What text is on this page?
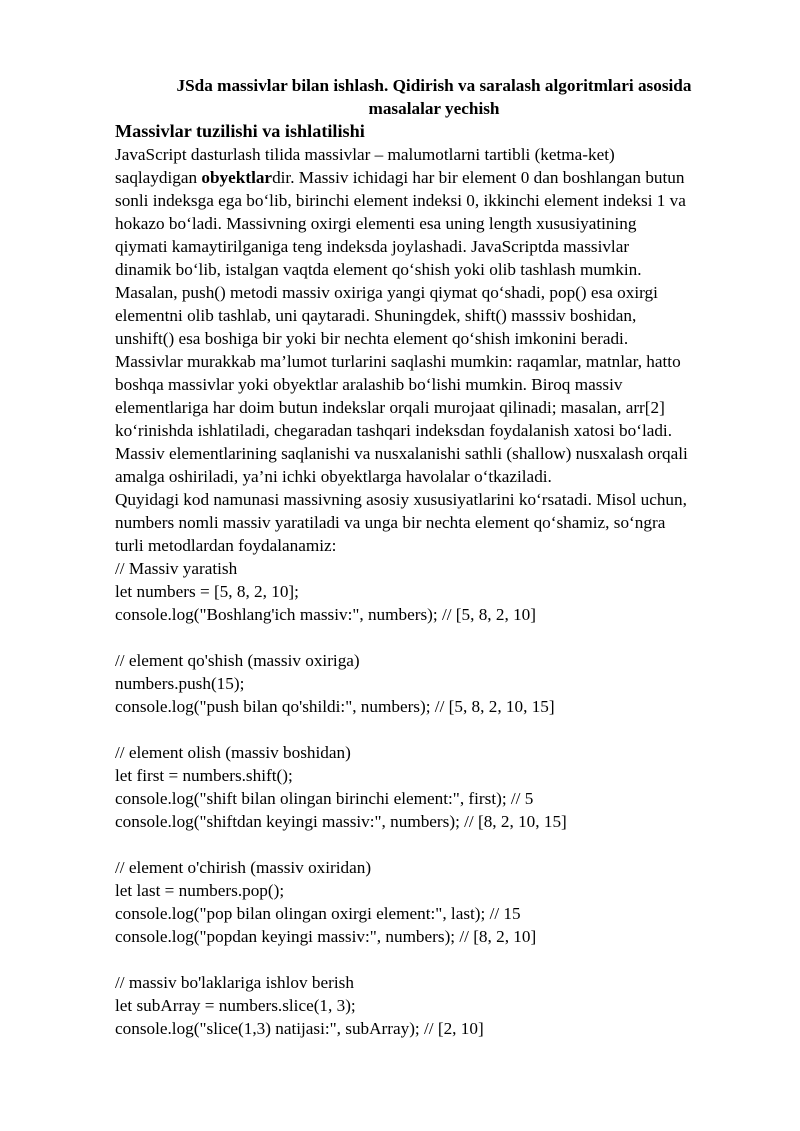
JSda massivlar bilan ishlash. Qidirish va saralash algoritmlari asosida
masalalar yechish
Massivlar tuzilishi va ishlatilishi
JavaScript dasturlash tilida massivlar – malumotlarni tartibli (ketma-ket)
saqlaydigan obyektlardir. Massiv ichidagi har bir element 0 dan boshlangan butun
sonli indeksga ega bo‘lib, birinchi element indeksi 0, ikkinchi element indeksi 1 va
hokazo bo‘ladi. Massivning oxirgi elementi esa uning length xususiyatining
qiymati kamaytirilganiga teng indeksda joylashadi. JavaScriptda massivlar
dinamik bo‘lib, istalgan vaqtda element qo‘shish yoki olib tashlash mumkin.
Masalan, push() metodi massiv oxiriga yangi qiymat qo‘shadi, pop() esa oxirgi
elementni olib tashlab, uni qaytaradi. Shuningdek, shift() masssiv boshidan,
unshift() esa boshiga bir yoki bir nechta element qo‘shish imkonini beradi.
Massivlar murakkab ma’lumot turlarini saqlashi mumkin: raqamlar, matnlar, hatto
boshqa massivlar yoki obyektlar aralashib bo‘lishi mumkin. Biroq massiv
elementlariga har doim butun indekslar orqali murojaat qilinadi; masalan, arr[2]
ko‘rinishda ishlatiladi, chegaradan tashqari indeksdan foydalanish xatosi bo‘ladi.
Massiv elementlarining saqlanishi va nusxalanishi sathli (shallow) nusxalash orqali
amalga oshiriladi, ya’ni ichki obyektlarga havolalar o‘tkaziladi.
Quyidagi kod namunasi massivning asosiy xususiyatlarini ko‘rsatadi. Misol uchun,
numbers nomli massiv yaratiladi va unga bir nechta element qo‘shamiz, so‘ngra
turli metodlardan foydalanamiz:
// Massiv yaratish
let numbers = [5, 8, 2, 10];
console.log("Boshlang'ich massiv:", numbers); // [5, 8, 2, 10]
// element qo'shish (massiv oxiriga)
numbers.push(15);
console.log("push bilan qo'shildi:", numbers); // [5, 8, 2, 10, 15]
// element olish (massiv boshidan)
let first = numbers.shift();
console.log("shift bilan olingan birinchi element:", first); // 5
console.log("shiftdan keyingi massiv:", numbers); // [8, 2, 10, 15]
// element o'chirish (massiv oxiridan)
let last = numbers.pop();
console.log("pop bilan olingan oxirgi element:", last); // 15
console.log("popdan keyingi massiv:", numbers); // [8, 2, 10]
// massiv bo'laklariga ishlov berish
let subArray = numbers.slice(1, 3);
console.log("slice(1,3) natijasi:", subArray); // [2, 10]
